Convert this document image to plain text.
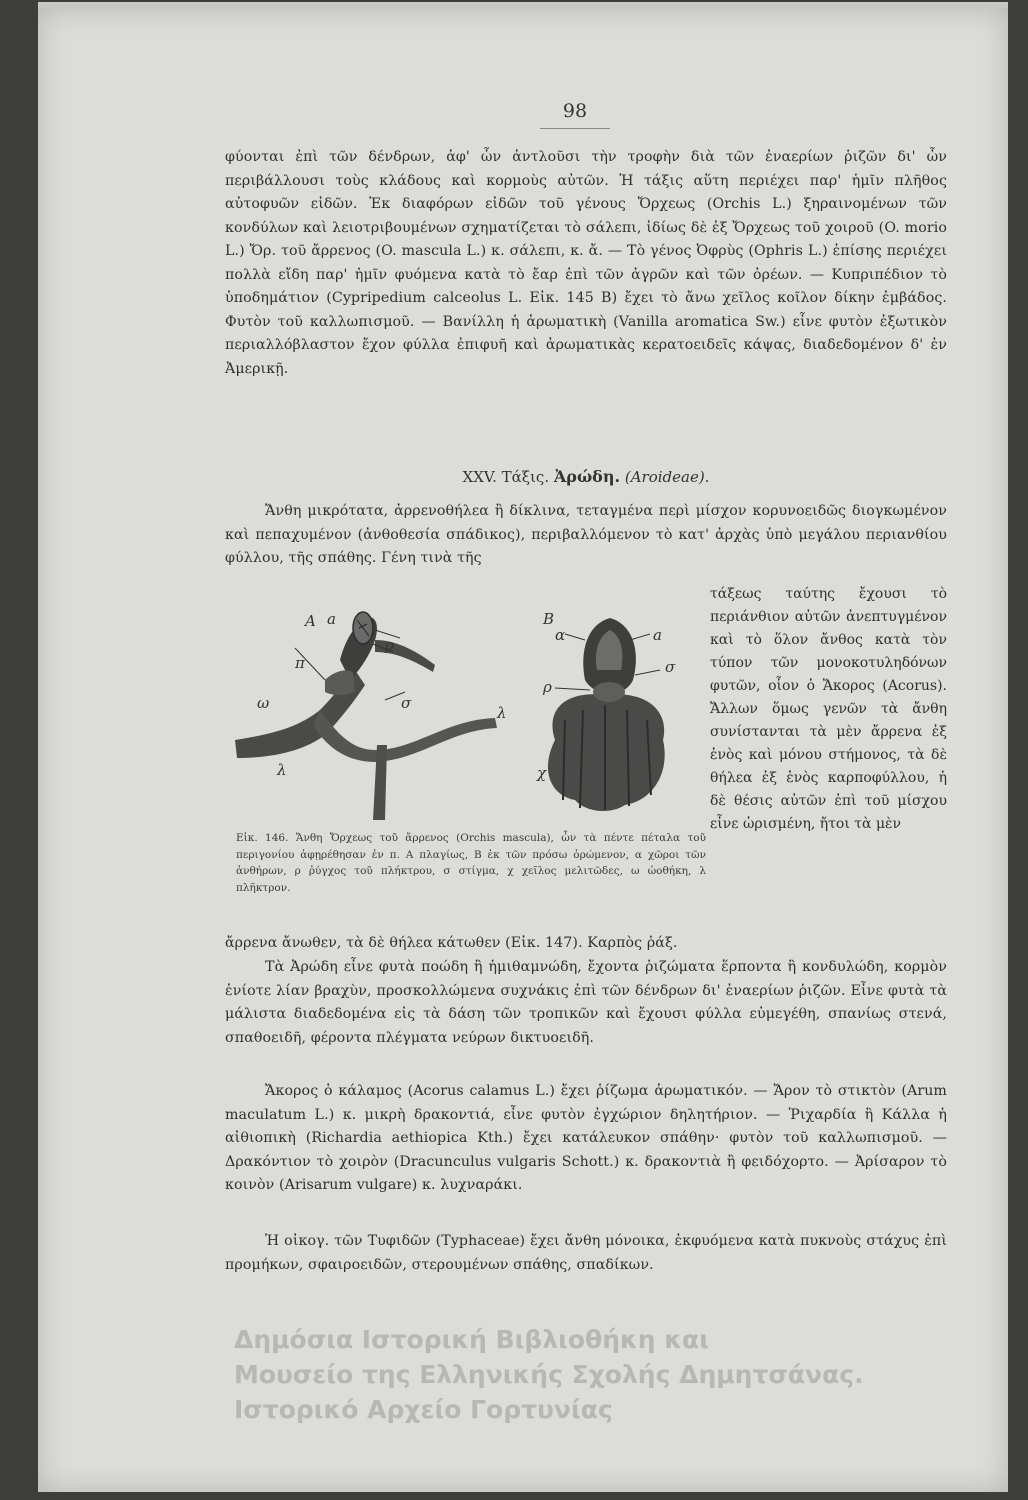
98

φύονται ἐπὶ τῶν δένδρων, ἀφ' ὧν ἀντλοῦσι τὴν τροφὴν διὰ τῶν ἐναερίων ῥιζῶν δι' ὧν περιβάλλουσι τοὺς κλάδους καὶ κορμοὺς αὐτῶν. Ἡ τάξις αὕτη περιέχει παρ' ἡμῖν πλῆθος αὐτοφυῶν εἰδῶν. Ἐκ διαφόρων εἰδῶν τοῦ γένους Ὄρχεως (Orchis L.) ξηραινομένων τῶν κονδύλων καὶ λειοτριβουμένων σχηματίζεται τὸ σάλεπι, ἰδίως δὲ ἐξ Ὄρχεως τοῦ χοιροῦ (O. morio L.) Ὄρ. τοῦ ἄρρενος (O. mascula L.) κ. σάλεπι, κ. ἄ. — Τὸ γένος Ὀφρὺς (Ophris L.) ἐπίσης περιέχει πολλὰ εἴδη παρ' ἡμῖν φυόμενα κατὰ τὸ ἔαρ ἐπὶ τῶν ἀγρῶν καὶ τῶν ὀρέων. — Κυπριπέδιον τὸ ὑποδημάτιον (Cypripedium calceolus L. Εἰκ. 145 B) ἔχει τὸ ἄνω χεῖλος κοῖλον δίκην ἐμβάδος. Φυτὸν τοῦ καλλωπισμοῦ. — Βανίλλη ἡ ἀρωματικὴ (Vanilla aromatica Sw.) εἶνε φυτὸν ἐξωτικὸν περιαλλόβλαστον ἔχον φύλλα ἐπιφυῆ καὶ ἀρωματικὰς κερατοειδεῖς κάψας, διαδεδομένον δ' ἐν Ἀμερικῇ.

XXV. Τάξις. Ἀρώδη. (Aroideae).

Ἄνθη μικρότατα, ἀρρενοθήλεα ἢ δίκλινα, τεταγμένα περὶ μίσχον κορυνοειδῶς διογκωμένον καὶ πεπαχυμένον (ἀνθοθεσία σπάδικος), περιβαλλόμενον τὸ κατ' ἀρχὰς ὑπὸ μεγάλου περιανθίου φύλλου, τῆς σπάθης. Γένη τινὰ τῆς

τάξεως ταύτης ἔχουσι τὸ περιάνθιον αὐτῶν ἀνεπτυγμένον καὶ τὸ ὅλον ἄνθος κατὰ τὸν τύπον τῶν μονοκοτυληδόνων φυτῶν, οἷον ὁ Ἄκορος (Acorus). Ἄλλων ὅμως γενῶν τὰ ἄνθη συνίστανται τὰ μὲν ἄρρενα ἐξ ἑνὸς καὶ μόνου στήμονος, τὰ δὲ θήλεα ἐξ ἑνὸς καρποφύλλου, ἡ δὲ θέσις αὐτῶν ἐπὶ τοῦ μίσχου εἶνε ὡρισμένη, ἤτοι τὰ μὲν

A a
ρ
π
ω	σ
λ
λ
B
α	a
σ
ρ
χ

Εἰκ. 146. Ἄνθη Ὄρχεως τοῦ ἄρρενος (Orchis mascula), ὧν τὰ πέντε πέταλα τοῦ περιγονίου ἀφῃρέθησαν ἐν π. A πλαγίως, B ἐκ τῶν πρόσω ὁρώμενον, α χῶροι τῶν ἀνθήρων, ρ ῥύγχος τοῦ πλήκτρου, σ στίγμα, χ χεῖλος μελιτῶδες, ω ὠοθήκη, λ πλῆκτρον.

ἄρρενα ἄνωθεν, τὰ δὲ θήλεα κάτωθεν (Εἰκ. 147). Καρπὸς ῥάξ.

Τὰ Ἀρώδη εἶνε φυτὰ ποώδη ἢ ἡμιθαμνώδη, ἔχοντα ῥιζώματα ἕρποντα ἢ κονδυλώδη, κορμὸν ἐνίοτε λίαν βραχὺν, προσκολλώμενα συχνάκις ἐπὶ τῶν δένδρων δι' ἐναερίων ῥιζῶν. Εἶνε φυτὰ τὰ μάλιστα διαδεδομένα εἰς τὰ δάση τῶν τροπικῶν καὶ ἔχουσι φύλλα εὐμεγέθη, σπανίως στενά, σπαθοειδῆ, φέροντα πλέγματα νεύρων δικτυοειδῆ.

Ἄκορος ὁ κάλαμος (Acorus calamus L.) ἔχει ῥίζωμα ἀρωματικόν. — Ἄρον τὸ στικτὸν (Arum maculatum L.) κ. μικρὴ δρακοντιά, εἶνε φυτὸν ἐγχώριον δηλητήριον. — Ῥιχαρδία ἢ Κάλλα ἡ αἰθιοπικὴ (Richardia aethiopica Kth.) ἔχει κατάλευκον σπάθην· φυτὸν τοῦ καλλωπισμοῦ. — Δρακόντιον τὸ χοιρὸν (Dracunculus vulgaris Schott.) κ. δρακοντιὰ ἢ φειδόχορτο. — Ἀρίσαρον τὸ κοινὸν (Arisarum vulgare) κ. λυχναράκι.

Ἡ οἰκογ. τῶν Τυφιδῶν (Typhaceae) ἔχει ἄνθη μόνοικα, ἐκφυόμενα κατὰ πυκνοὺς στάχυς ἐπὶ προμήκων, σφαιροειδῶν, στερουμένων σπάθης, σπαδίκων.

Δημόσια Ιστορική Βιβλιοθήκη και
Μουσείο της Ελληνικής Σχολής Δημητσάνας.
Ιστορικό Αρχείο Γορτυνίας
